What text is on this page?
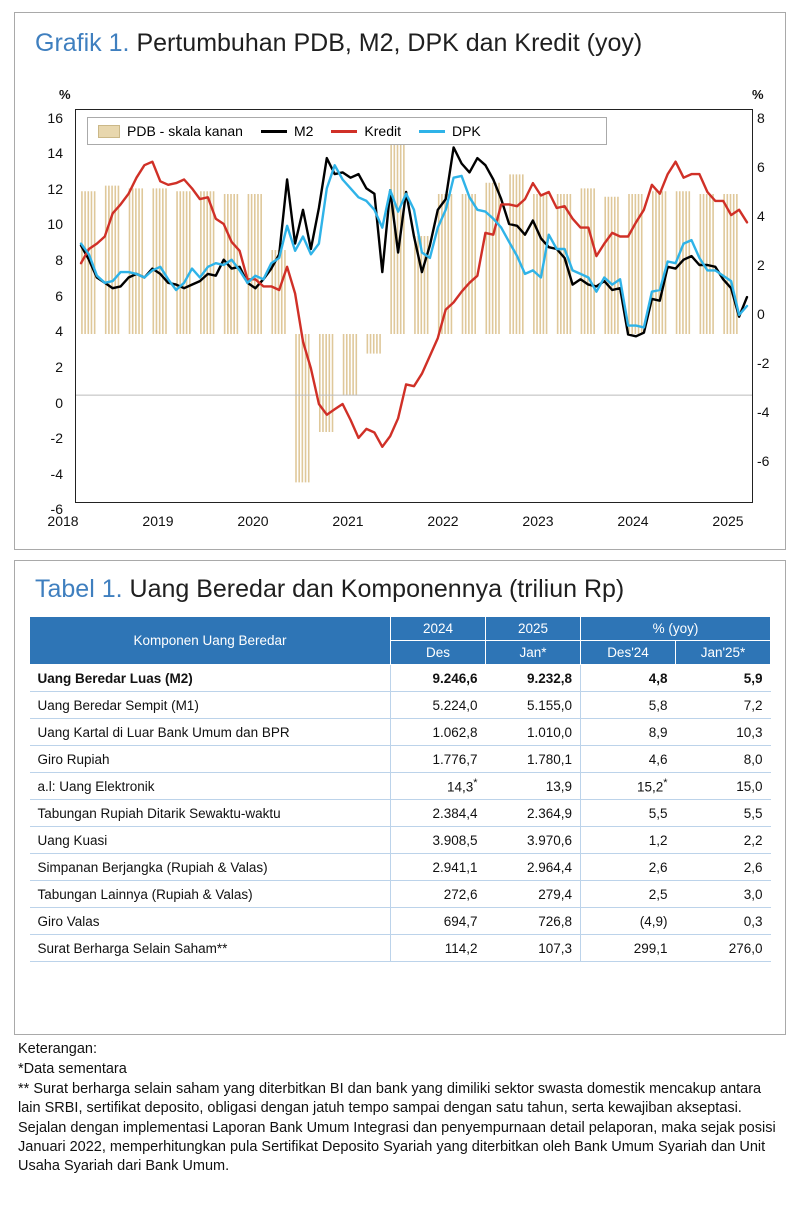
Grafik 1. Pertumbuhan PDB, M2, DPK dan Kredit (yoy)
%	%
16
14
12
10
8
6
4
2
0
-2
-4
-6
8
6
4
2
0
-2
-4
-6
2018	2019	2020	2021	2022	2023	2024	2025
PDB - skala kanan	M2	Kredit	DPK
Tabel 1. Uang Beredar dan Komponennya (triliun Rp)
Komponen Uang Beredar	2024	2025	% (yoy)	
	Des	Jan*	Des'24	Jan'25*
Uang Beredar Luas (M2)	9.246,6	9.232,8	4,8	5,9
Uang Beredar Sempit (M1)	5.224,0	5.155,0	5,8	7,2
Uang Kartal di Luar Bank Umum dan BPR	1.062,8	1.010,0	8,9	10,3
Giro Rupiah	1.776,7	1.780,1	4,6	8,0
a.l: Uang Elektronik	14,3*	13,9	15,2*	15,0
Tabungan Rupiah Ditarik Sewaktu-waktu	2.384,4	2.364,9	5,5	5,5
Uang Kuasi	3.908,5	3.970,6	1,2	2,2
Simpanan Berjangka (Rupiah & Valas)	2.941,1	2.964,4	2,6	2,6
Tabungan Lainnya (Rupiah & Valas)	272,6	279,4	2,5	3,0
Giro Valas	694,7	726,8	(4,9)	0,3
Surat Berharga Selain Saham**	114,2	107,3	299,1	276,0

Keterangan:

*Data sementara

** Surat berharga selain saham yang diterbitkan BI dan bank yang dimiliki sektor swasta domestik mencakup antara lain SRBI, sertifikat deposito, obligasi dengan jatuh tempo sampai dengan satu tahun, serta kewajiban akseptasi. Sejalan dengan implementasi Laporan Bank Umum Integrasi dan penyempurnaan detail pelaporan, maka sejak posisi Januari 2022, memperhitungkan pula Sertifikat Deposito Syariah yang diterbitkan oleh Bank Umum Syariah dan Unit Usaha Syariah dari Bank Umum.
